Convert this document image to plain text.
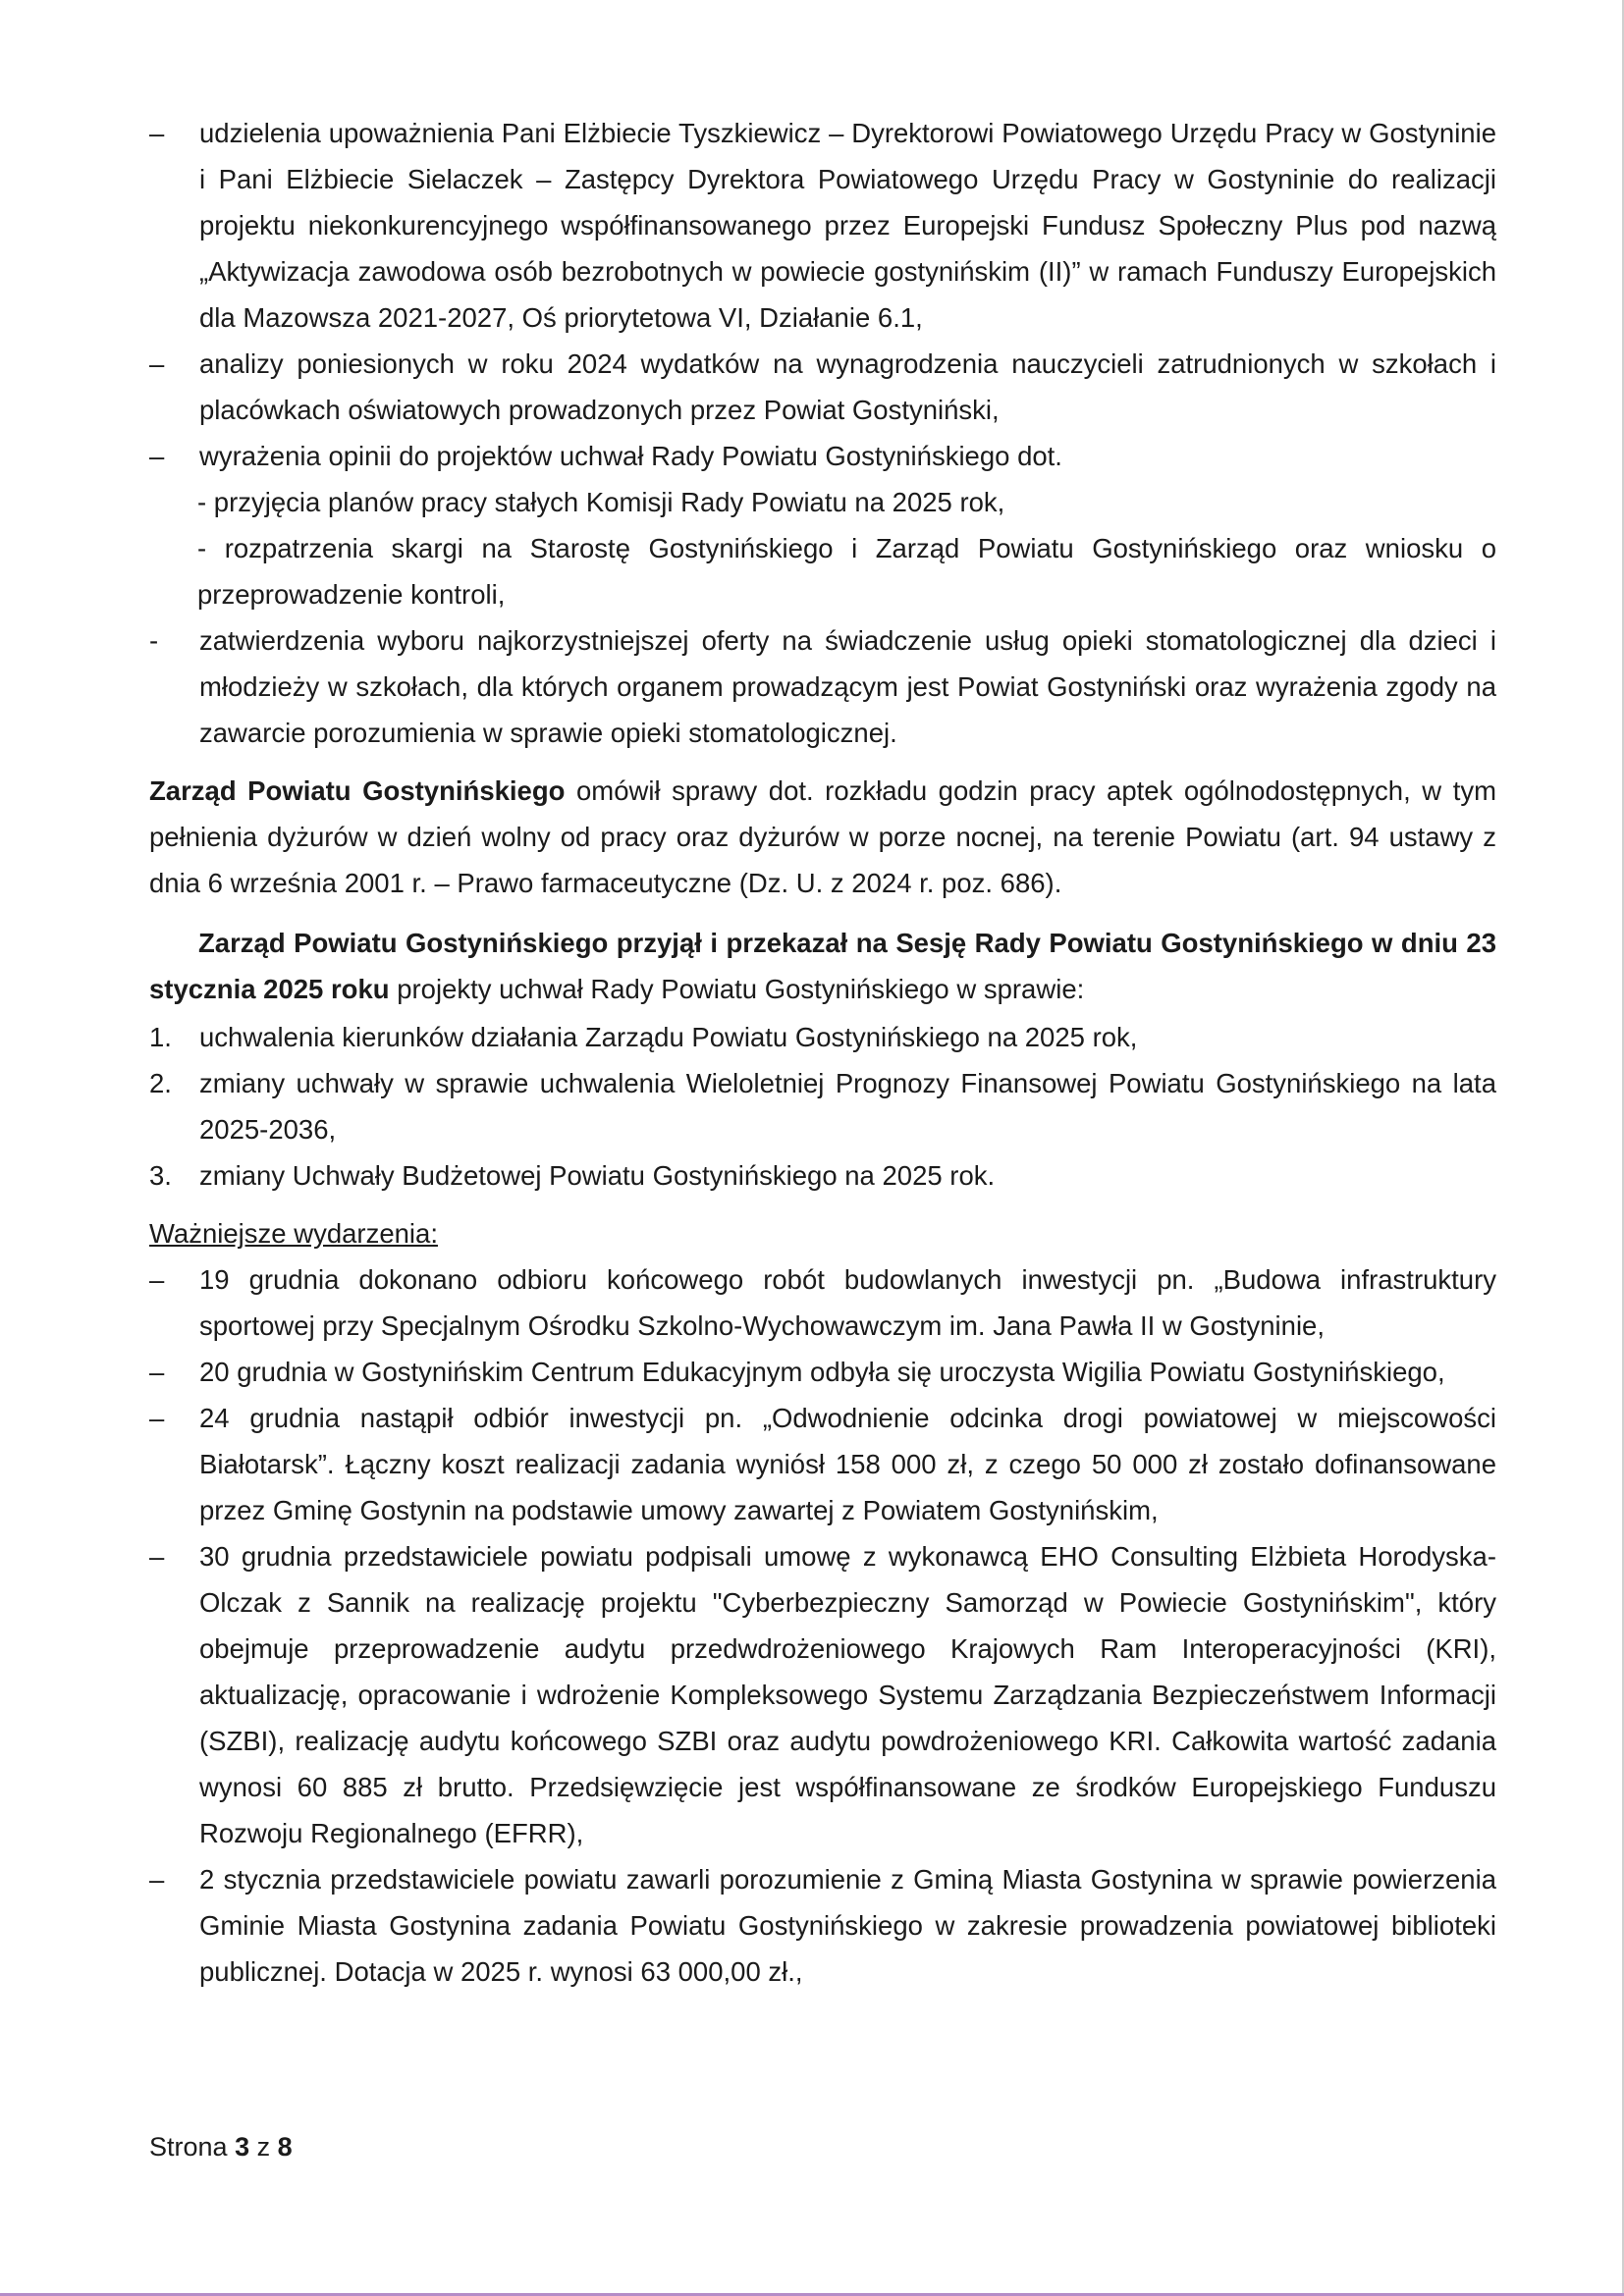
– udzielenia upoważnienia Pani Elżbiecie Tyszkiewicz – Dyrektorowi Powiatowego Urzędu Pracy w Gostyninie i Pani Elżbiecie Sielaczek – Zastępcy Dyrektora Powiatowego Urzędu Pracy w Gostyninie do realizacji projektu niekonkurencyjnego współfinansowanego przez Europejski Fundusz Społeczny Plus pod nazwą „Aktywizacja zawodowa osób bezrobotnych w powiecie gostynińskim (II)” w ramach Funduszy Europejskich dla Mazowsza 2021-2027, Oś priorytetowa VI, Działanie 6.1,
– analizy poniesionych w roku 2024 wydatków na wynagrodzenia nauczycieli zatrudnionych w szkołach i placówkach oświatowych prowadzonych przez Powiat Gostyniński,
– wyrażenia opinii do projektów uchwał Rady Powiatu Gostynińskiego dot.
- przyjęcia planów pracy stałych Komisji Rady Powiatu na 2025 rok,
- rozpatrzenia skargi na Starostę Gostynińskiego i Zarząd Powiatu Gostynińskiego oraz wniosku o przeprowadzenie kontroli,
- zatwierdzenia wyboru najkorzystniejszej oferty na świadczenie usług opieki stomatologicznej dla dzieci i młodzieży w szkołach, dla których organem prowadzącym jest Powiat Gostyniński oraz wyrażenia zgody na zawarcie porozumienia w sprawie opieki stomatologicznej.
Zarząd Powiatu Gostynińskiego omówił sprawy dot. rozkładu godzin pracy aptek ogólnodostępnych, w tym pełnienia dyżurów w dzień wolny od pracy oraz dyżurów w porze nocnej, na terenie Powiatu (art. 94 ustawy z dnia 6 września 2001 r. – Prawo farmaceutyczne (Dz. U. z 2024 r. poz. 686).
Zarząd Powiatu Gostynińskiego przyjął i przekazał na Sesję Rady Powiatu Gostynińskiego w dniu 23 stycznia 2025 roku projekty uchwał Rady Powiatu Gostynińskiego w sprawie:
1. uchwalenia kierunków działania Zarządu Powiatu Gostynińskiego na 2025 rok,
2. zmiany uchwały w sprawie uchwalenia Wieloletniej Prognozy Finansowej Powiatu Gostynińskiego na lata 2025-2036,
3. zmiany Uchwały Budżetowej Powiatu Gostynińskiego na 2025 rok.
Ważniejsze wydarzenia:
– 19 grudnia dokonano odbioru końcowego robót budowlanych inwestycji pn. „Budowa infrastruktury sportowej przy Specjalnym Ośrodku Szkolno-Wychowawczym im. Jana Pawła II w Gostyninie,
– 20 grudnia w Gostynińskim Centrum Edukacyjnym odbyła się uroczysta Wigilia Powiatu Gostynińskiego,
– 24 grudnia nastąpił odbiór inwestycji pn. „Odwodnienie odcinka drogi powiatowej w miejscowości Białotarsk”. Łączny koszt realizacji zadania wyniósł 158 000 zł, z czego 50 000 zł zostało dofinansowane przez Gminę Gostynin na podstawie umowy zawartej z Powiatem Gostynińskim,
– 30 grudnia przedstawiciele powiatu podpisali umowę z wykonawcą EHO Consulting Elżbieta Horodyska-Olczak z Sannik na realizację projektu "Cyberbezpieczny Samorząd w Powiecie Gostynińskim", który obejmuje przeprowadzenie audytu przedwdrożeniowego Krajowych Ram Interoperacyjności (KRI), aktualizację, opracowanie i wdrożenie Kompleksowego Systemu Zarządzania Bezpieczeństwem Informacji (SZBI), realizację audytu końcowego SZBI oraz audytu powdrożeniowego KRI. Całkowita wartość zadania wynosi 60 885 zł brutto. Przedsięwzięcie jest współfinansowane ze środków Europejskiego Funduszu Rozwoju Regionalnego (EFRR),
– 2 stycznia przedstawiciele powiatu zawarli porozumienie z Gminą Miasta Gostynina w sprawie powierzenia Gminie Miasta Gostynina zadania Powiatu Gostynińskiego w zakresie prowadzenia powiatowej biblioteki publicznej. Dotacja w 2025 r. wynosi 63 000,00 zł.,
Strona 3 z 8
